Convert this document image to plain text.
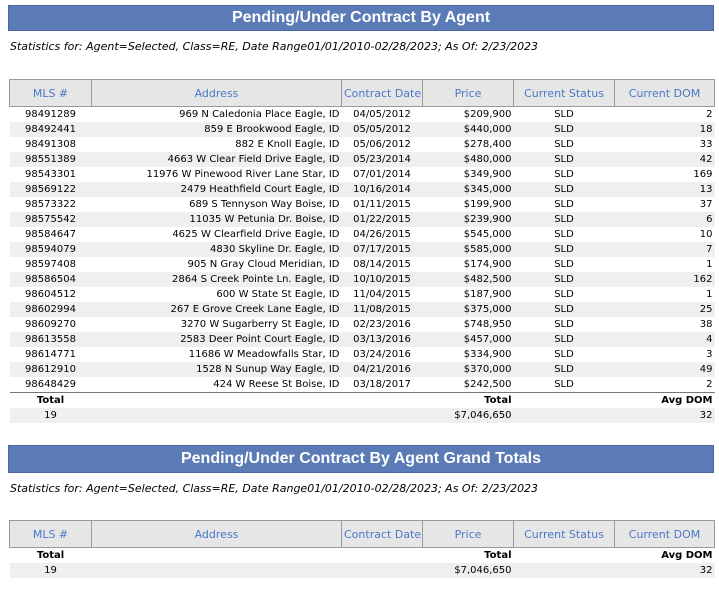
Pending/Under Contract By Agent
Statistics for: Agent=Selected, Class=RE, Date Range01/01/2010-02/28/2023; As Of: 2/23/2023
MLS #	Address	Contract Date	Price	Current Status	Current DOM
98491289	969 N Caledonia Place Eagle, ID	04/05/2012	$209,900	SLD	2
98492441	859 E Brookwood Eagle, ID	05/05/2012	$440,000	SLD	18
98491308	882 E Knoll Eagle, ID	05/06/2012	$278,400	SLD	33
98551389	4663 W Clear Field Drive Eagle, ID	05/23/2014	$480,000	SLD	42
98543301	11976 W Pinewood River Lane Star, ID	07/01/2014	$349,900	SLD	169
98569122	2479 Heathfield Court Eagle, ID	10/16/2014	$345,000	SLD	13
98573322	689 S Tennyson Way Boise, ID	01/11/2015	$199,900	SLD	37
98575542	11035 W Petunia Dr. Boise, ID	01/22/2015	$239,900	SLD	6
98584647	4625 W Clearfield Drive Eagle, ID	04/26/2015	$545,000	SLD	10
98594079	4830 Skyline Dr. Eagle, ID	07/17/2015	$585,000	SLD	7
98597408	905 N Gray Cloud Meridian, ID	08/14/2015	$174,900	SLD	1
98586504	2864 S Creek Pointe Ln. Eagle, ID	10/10/2015	$482,500	SLD	162
98604512	600 W State St Eagle, ID	11/04/2015	$187,900	SLD	1
98602994	267 E Grove Creek Lane Eagle, ID	11/08/2015	$375,000	SLD	25
98609270	3270 W Sugarberry St Eagle, ID	02/23/2016	$748,950	SLD	38
98613558	2583 Deer Point Court Eagle, ID	03/13/2016	$457,000	SLD	4
98614771	11686 W Meadowfalls Star, ID	03/24/2016	$334,900	SLD	3
98612910	1528 N Sunup Way Eagle, ID	04/21/2016	$370,000	SLD	49
98648429	424 W Reese St Boise, ID	03/18/2017	$242,500	SLD	2
Total			Total		Avg DOM
19			$7,046,650		32
Pending/Under Contract By Agent Grand Totals
Statistics for: Agent=Selected, Class=RE, Date Range01/01/2010-02/28/2023; As Of: 2/23/2023
MLS #	Address	Contract Date	Price	Current Status	Current DOM
Total			Total		Avg DOM
19			$7,046,650		32
